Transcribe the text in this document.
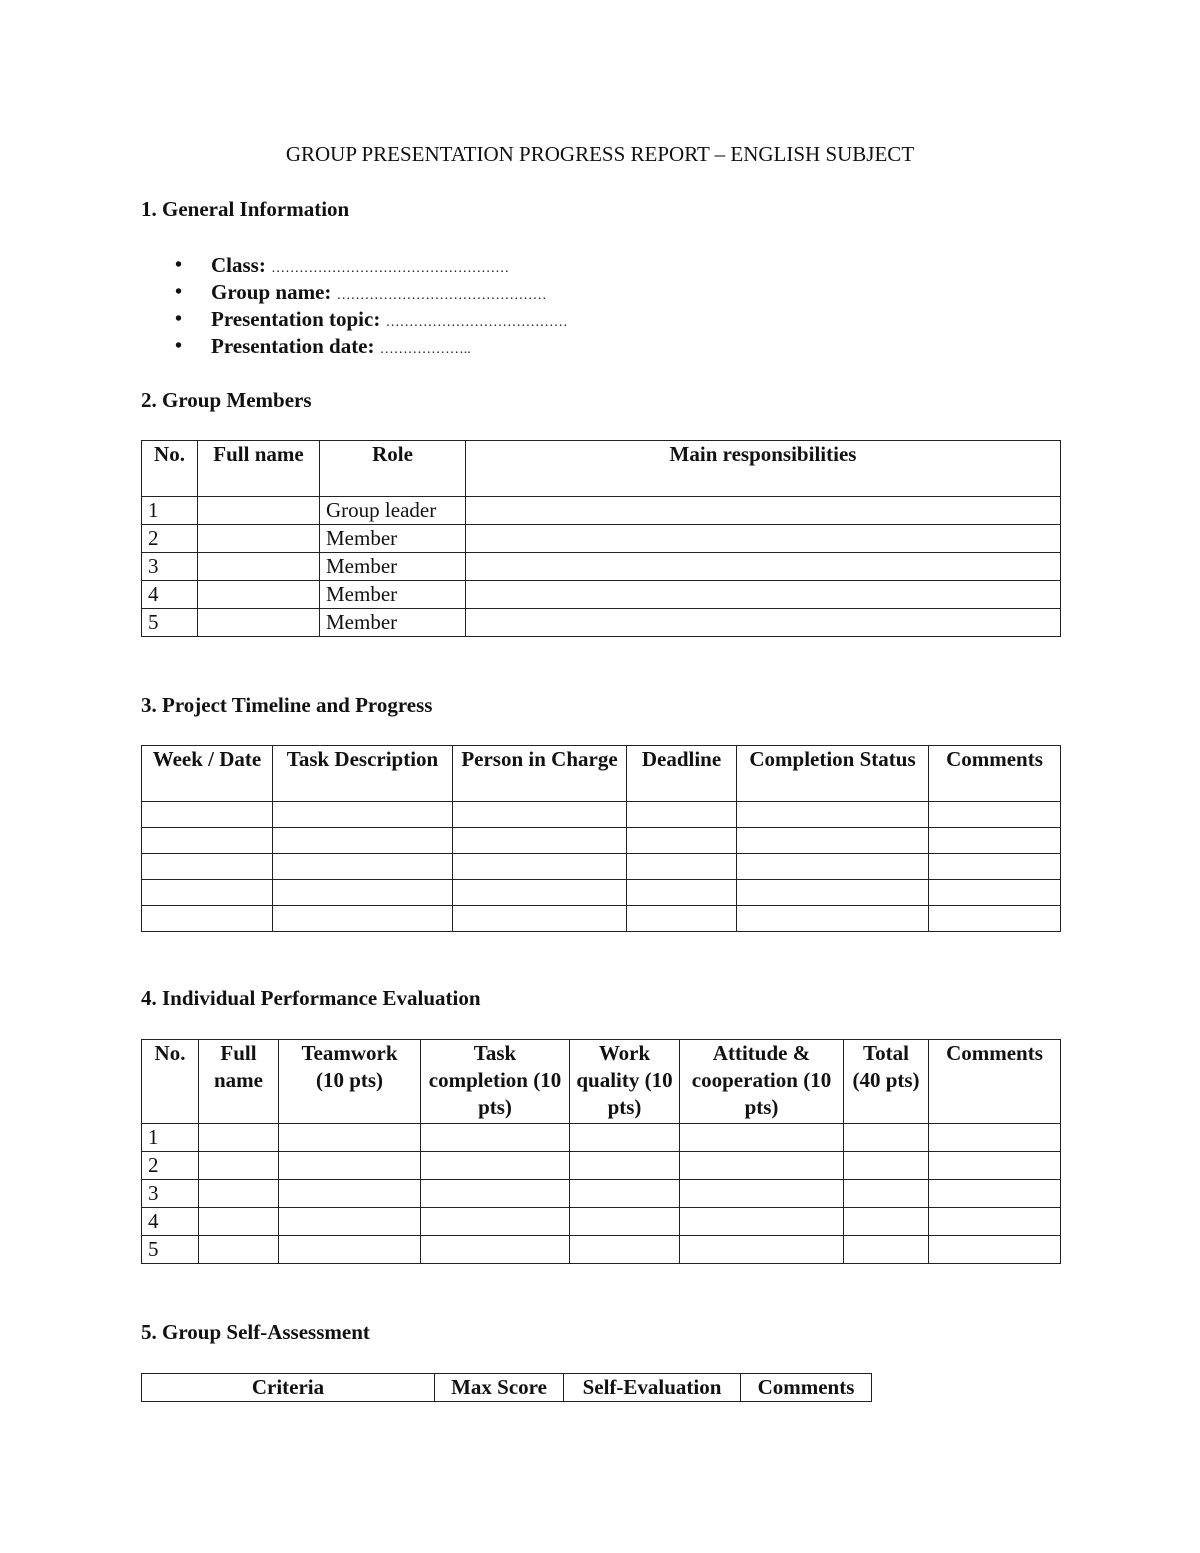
GROUP PRESENTATION PROGRESS REPORT – ENGLISH SUBJECT
1. General Information
• Class: ……………………………………………
• Group name: ………………………………………
• Presentation topic: …………………………………
• Presentation date: ………………..
2. Group Members
No.	Full name	Role	Main responsibilities
1		Group leader	
2		Member	
3		Member	
4		Member	
5		Member	
3. Project Timeline and Progress
Week / Date	Task Description	Person in Charge	Deadline	Completion Status	Comments

4. Individual Performance Evaluation
No.	Full name	Teamwork (10 pts)	Task completion (10 pts)	Work quality (10 pts)	Attitude & cooperation (10 pts)	Total (40 pts)	Comments
1							
2							
3							
4							
5							
5. Group Self-Assessment
Criteria	Max Score	Self-Evaluation	Comments
